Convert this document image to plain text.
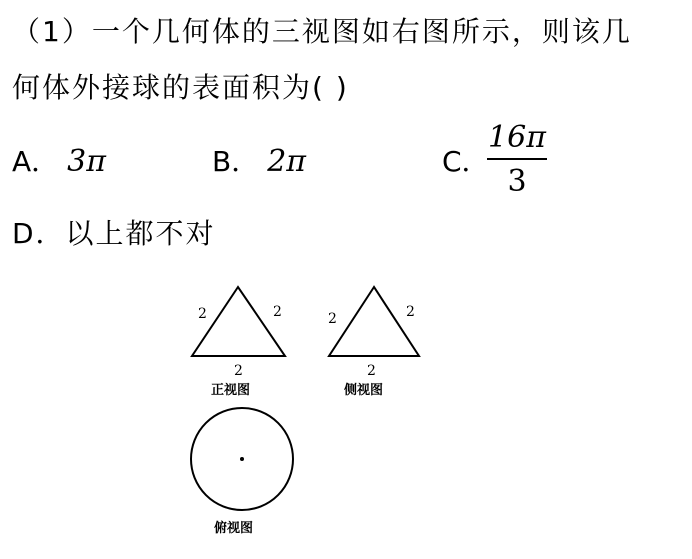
（1）一个几何体的三视图如右图所示，则该几
何体外接球的表面积为( )
A． 3π	B． 2π	C．
16π
3
D．以上都不对
2	2
2
正视图
2	2
2
侧视图
俯视图
